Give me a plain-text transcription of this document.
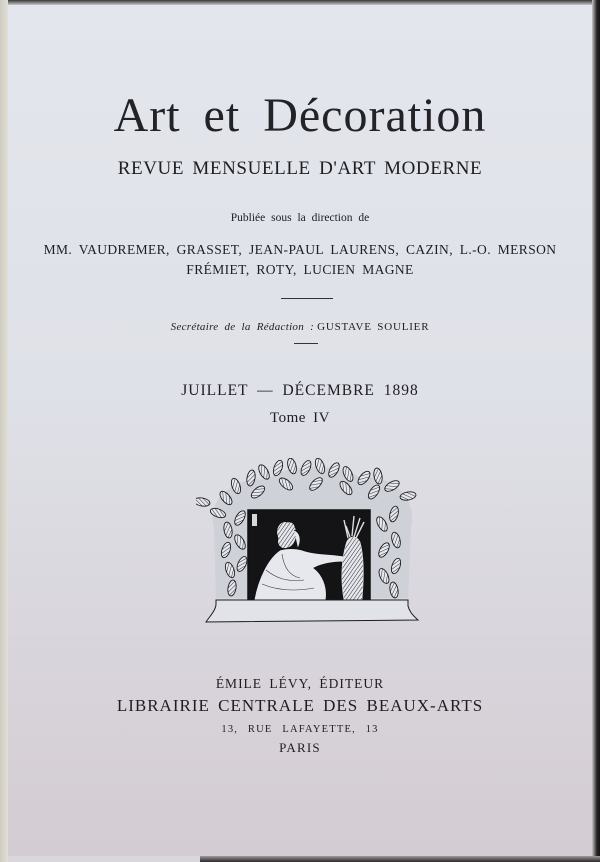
Art et Décoration
REVUE MENSUELLE D'ART MODERNE
Publiée sous la direction de
MM. VAUDREMER, GRASSET, JEAN-PAUL LAURENS, CAZIN, L.-O. MERSON
FRÉMIET, ROTY, LUCIEN MAGNE
Secrétaire de la Rédaction : GUSTAVE SOULIER
JUILLET — DÉCEMBRE 1898
Tome IV
ÉMILE LÉVY, ÉDITEUR
LIBRAIRIE CENTRALE DES BEAUX-ARTS
13, RUE LAFAYETTE, 13
PARIS
